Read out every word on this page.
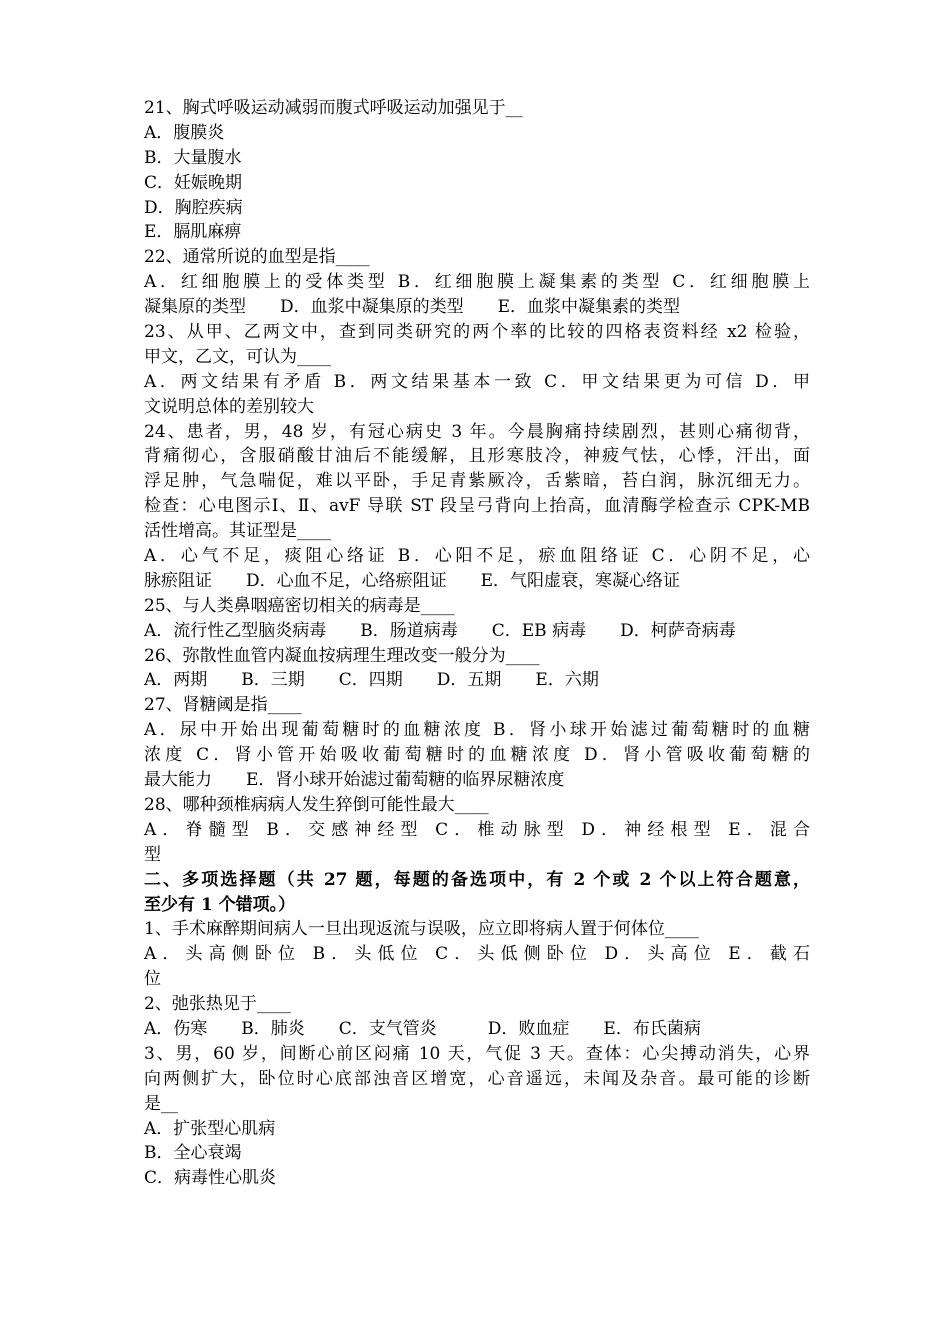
21、胸式呼吸运动减弱而腹式呼吸运动加强见于__
A．腹膜炎
B．大量腹水
C．妊娠晚期
D．胸腔疾病
E．膈肌麻痹
22、通常所说的血型是指____
A．红细胞膜上的受体类型 B．红细胞膜上凝集素的类型 C．红细胞膜上
凝集原的类型　　D．血浆中凝集原的类型　　E．血浆中凝集素的类型
23、从甲、乙两文中，查到同类研究的两个率的比较的四格表资料经 x2 检验，
甲文，乙文，可认为____
A．两文结果有矛盾 B．两文结果基本一致 C．甲文结果更为可信 D．甲
文说明总体的差别较大
24、患者，男，48 岁，有冠心病史 3 年。今晨胸痛持续剧烈，甚则心痛彻背，
背痛彻心，含服硝酸甘油后不能缓解，且形寒肢冷，神疲气怯，心悸，汗出，面
浮足肿，气急喘促，难以平卧，手足青紫厥冷，舌紫暗，苔白润，脉沉细无力。
检查：心电图示Ⅰ、Ⅱ、avF 导联 ST 段呈弓背向上抬高，血清酶学检查示 CPK-MB
活性增高。其证型是____
A．心气不足，痰阻心络证 B．心阳不足，瘀血阻络证 C．心阴不足，心
脉瘀阻证　　D．心血不足，心络瘀阻证　　E．气阳虚衰，寒凝心络证
25、与人类鼻咽癌密切相关的病毒是____
A．流行性乙型脑炎病毒　　B．肠道病毒　　C．EB 病毒　　D．柯萨奇病毒
26、弥散性血管内凝血按病理生理改变一般分为____
A．两期　　B．三期　　C．四期　　D．五期　　E．六期
27、肾糖阈是指____
A．尿中开始出现葡萄糖时的血糖浓度 B．肾小球开始滤过葡萄糖时的血糖
浓度 C．肾小管开始吸收葡萄糖时的血糖浓度 D．肾小管吸收葡萄糖的
最大能力　　E．肾小球开始滤过葡萄糖的临界尿糖浓度
28、哪种颈椎病病人发生猝倒可能性最大____
A．脊髓型 B．交感神经型 C．椎动脉型 D．神经根型 E．混合
型
二、多项选择题（共 27 题，每题的备选项中，有 2 个或 2 个以上符合题意，
至少有 1 个错项。）
1、手术麻醉期间病人一旦出现返流与误吸，应立即将病人置于何体位____
A．头高侧卧位 B．头低位 C．头低侧卧位 D．头高位 E．截石
位
2、弛张热见于____
A．伤寒　　B．肺炎　　C．支气管炎　　　D．败血症　　E．布氏菌病
3、男，60 岁，间断心前区闷痛 10 天，气促 3 天。查体：心尖搏动消失，心界
向两侧扩大，卧位时心底部浊音区增宽，心音遥远，未闻及杂音。最可能的诊断
是__
A．扩张型心肌病
B．全心衰竭
C．病毒性心肌炎
